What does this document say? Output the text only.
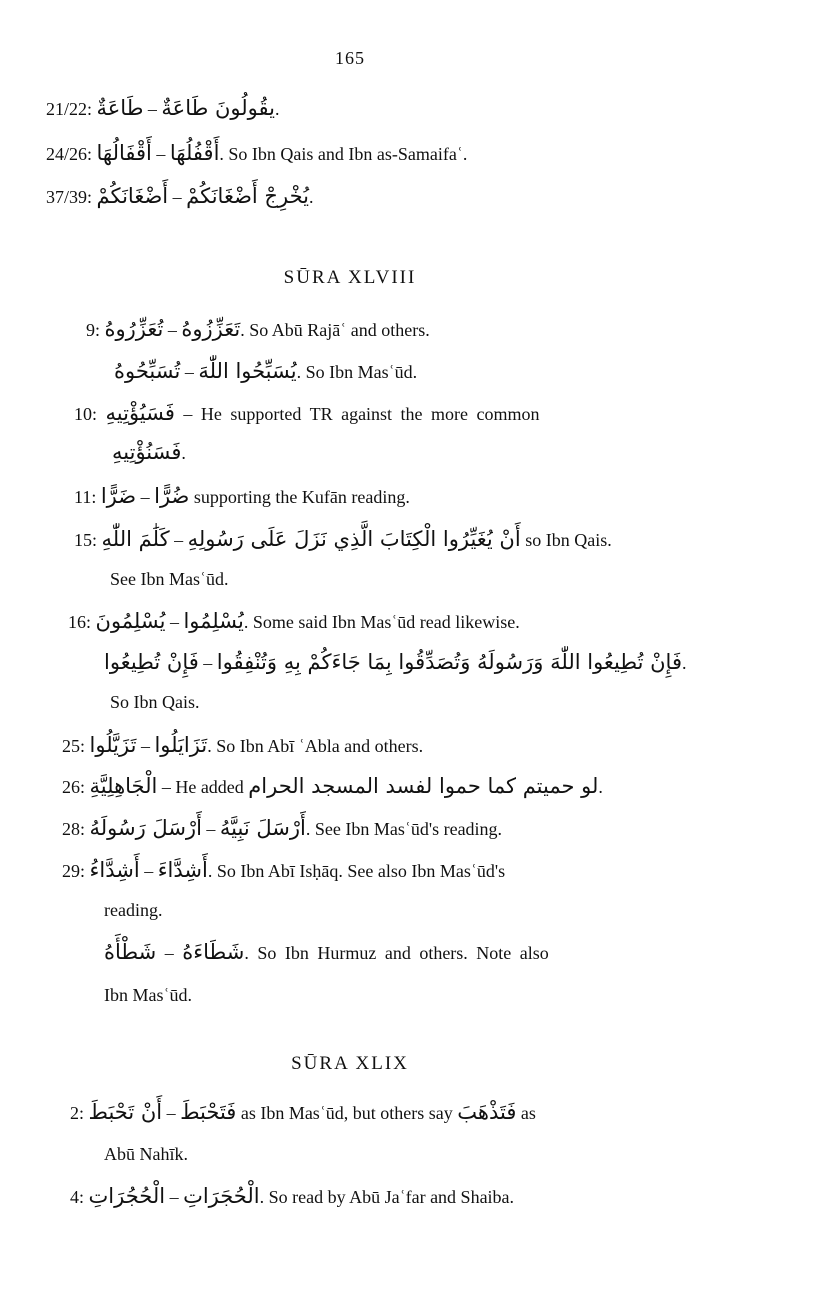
165
21/22: طَاعَةٌ – يقُولُونَ طَاعَةٌ.
24/26: أَقْفَالُهَا – أَقْفُلُهَا. So Ibn Qais and Ibn as-Samaifaʿ.
37/39: أَضْغَانَكُمْ – يُخْرِجْ أَضْغَانَكُمْ.
SŪRA XLVIII
9: تُعَزِّرُوهُ – تَعَزِّزُوهُ. So Abū Rajāʿ and others.
تُسَبِّحُوهُ – يُسَبِّحُوا اللّٰهَ. So Ibn Masʿūd.
10: فَسَيُؤْتِيهِ – He supported TR against the more common
فَسَنُؤْتِيهِ.
11: ضَرًّا – ضُرًّا supporting the Kufān reading.
15: كَلَٰمَ اللّٰهِ – أَنْ يُغَيِّرُوا الْكِتَابَ الَّذِي نَزَلَ عَلَى رَسُولِهِ so Ibn Qais.
See Ibn Masʿūd.
16: يُسْلِمُونَ – يُسْلِمُوا. Some said Ibn Masʿūd read likewise.
فَإِنْ تُطِيعُوا – فَإِنْ تُطِيعُوا اللّٰهَ وَرَسُولَهُ وَتُصَدِّقُوا بِمَا جَاءَكُمْ بِهِ وَتُنْفِقُوا.
So Ibn Qais.
25: تَزَيَّلُوا – تَزَايَلُوا. So Ibn Abī ʿAbla and others.
26: الْجَاهِلِيَّةِ – He added لو حميتم كما حموا لفسد المسجد الحرام.
28: أَرْسَلَ رَسُولَهُ – أَرْسَلَ نَبِيَّهُ. See Ibn Masʿūd's reading.
29: أَشِدَّاءُ – أَشِدَّاءَ. So Ibn Abī Isḥāq. See also Ibn Masʿūd's
reading.
شَطْأَهُ – شَطَاءَهُ. So Ibn Hurmuz and others. Note also
Ibn Masʿūd.
SŪRA XLIX
2: أَنْ تَحْبَطَ – فَتَحْبَطَ as Ibn Masʿūd, but others say فَتَذْهَبَ as
Abū Nahīk.
4: الْحُجُرَاتِ – الْحُجَرَاتِ. So read by Abū Jaʿfar and Shaiba.
